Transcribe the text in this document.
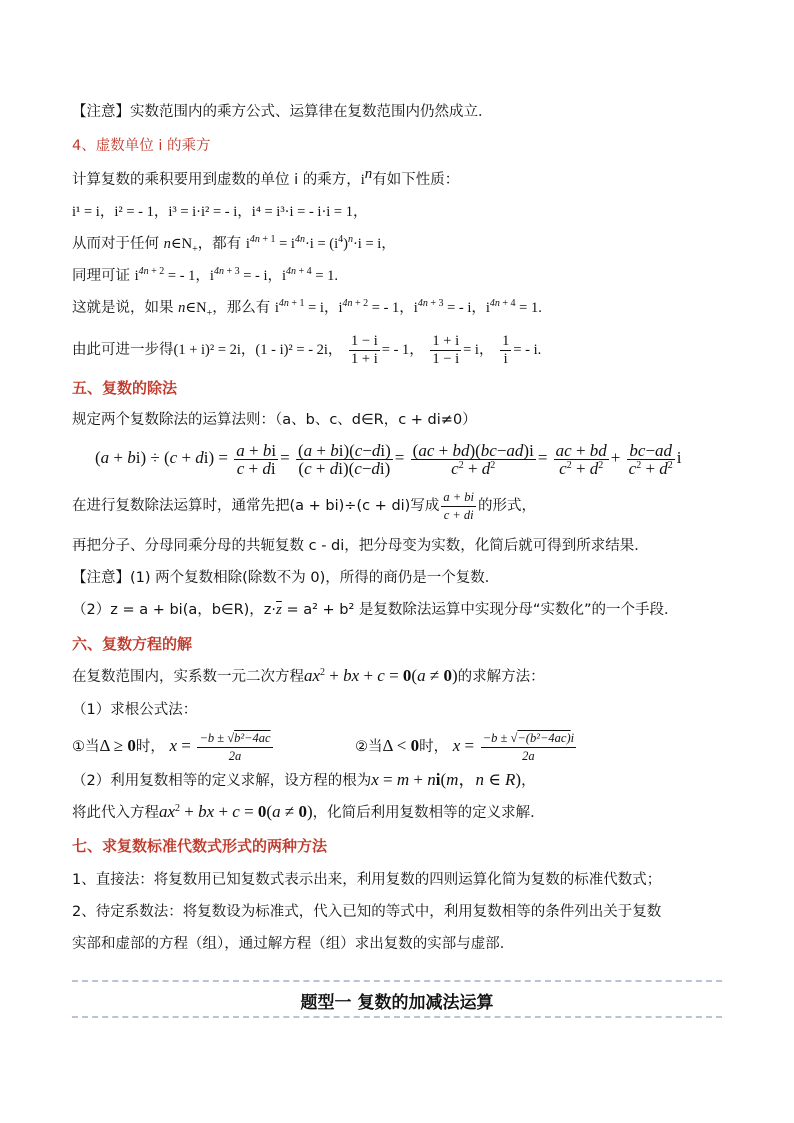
【注意】实数范围内的乘方公式、运算律在复数范围内仍然成立．
4、虚数单位 i 的乘方
计算复数的乘积要用到虚数的单位 i 的乘方，$i^n$有如下性质：
i¹ = i，i² = - 1，i³ = i·i² = - i，i⁴ = i³·i = - i·i = 1，
从而对于任何 $n\in N_+$，都有 $i^{4n + 1} = i^{4n}\cdot i = (i^4)^n\cdot i = i$，
同理可证 $i^{4n + 2}$ = - 1，$i^{4n + 3}$ = - i，$i^{4n + 4} = 1$.
这就是说，如果 $n\in N_+$，那么有 $i^{4n + 1} = i$，$i^{4n + 2}$ = - 1，$i^{4n + 3}$ = - i，$i^{4n + 4} = 1$.
由此可进一步得(1 + i)² = 2i，(1 - i)² = - 2i， $\frac{1 - i}{1 + i}$ = - 1， $\frac{1 + i}{1 - i} = i$， $\frac{1}{i}$ = - i.
五、复数的除法
规定两个复数除法的运算法则：（a、b、c、d∈R，c + di≠0）
$(a + bi) \div (c + di) = \frac{a + bi}{c + di} = \frac{(a + bi)(c-di)}{(c + di)(c-di)} = \frac{(ac + bd)(bc-ad)i}{c^2 + d^2} = \frac{ac + bd}{c^2 + d^2} + \frac{bc-ad}{c^2 + d^2}$ i
在进行复数除法运算时，通常先把(a + bi)÷(c + di)写成 $\frac{a + bi}{c + di}$ 的形式，
再把分子、分母同乘分母的共轭复数 c - di，把分母变为实数，化简后就可得到所求结果．
【注意】(1) 两个复数相除(除数不为 0)，所得的商仍是一个复数．
（2）z = a + bi(a，b∈R)，$z\cdot\overline{z} = a^2 + b^2$ 是复数除法运算中实现分母“实数化”的一个手段．
六、复数方程的解
在复数范围内，实系数一元二次方程$ax^2$ + bx + c = 0(a ≠ 0)的求解方法：
（1）求根公式法：
①当Δ ≥ 0时， $x = \frac{\text{−b ± √b²−4ac}}{2a}$	②当Δ < 0时， $x = \frac{\text{−b ± √−(b²−4ac)i}}{2a}$
（2）利用复数相等的定义求解，设方程的根为x = m + ni(m，n ∈ R)，
将此代入方程$ax^2$ + bx + c = 0(a ≠ 0)，化简后利用复数相等的定义求解．
七、求复数标准代数式形式的两种方法
1、直接法：将复数用已知复数式表示出来，利用复数的四则运算化简为复数的标准代数式；
2、待定系数法：将复数设为标准式，代入已知的等式中，利用复数相等的条件列出关于复数
实部和虚部的方程（组），通过解方程（组）求出复数的实部与虚部．
题型一 复数的加减法运算
